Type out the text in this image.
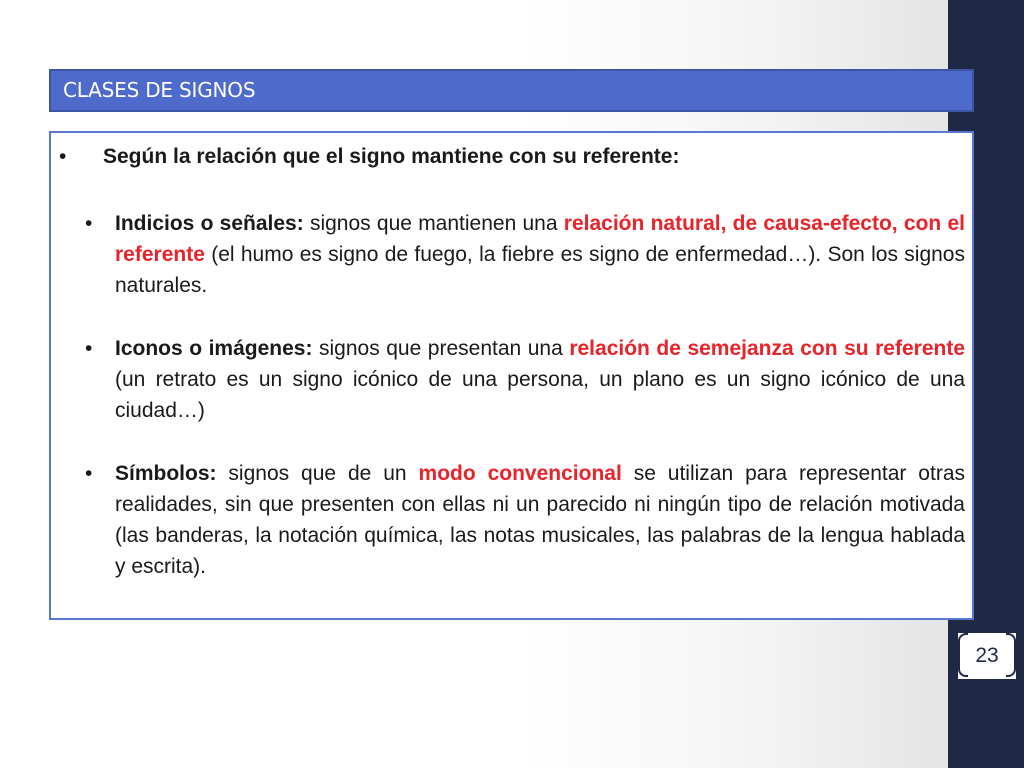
CLASES DE SIGNOS
• Según la relación que el signo mantiene con su referente:
• Indicios o señales: signos que mantienen una relación natural, de causa-efecto, con el referente (el humo es signo de fuego, la fiebre es signo de enfermedad…). Son los signos naturales.
• Iconos o imágenes: signos que presentan una relación de semejanza con su referente (un retrato es un signo icónico de una persona, un plano es un signo icónico de una ciudad…)
• Símbolos: signos que de un modo convencional se utilizan para representar otras realidades, sin que presenten con ellas ni un parecido ni ningún tipo de relación motivada (las banderas, la notación química, las notas musicales, las palabras de la lengua hablada y escrita).
23
